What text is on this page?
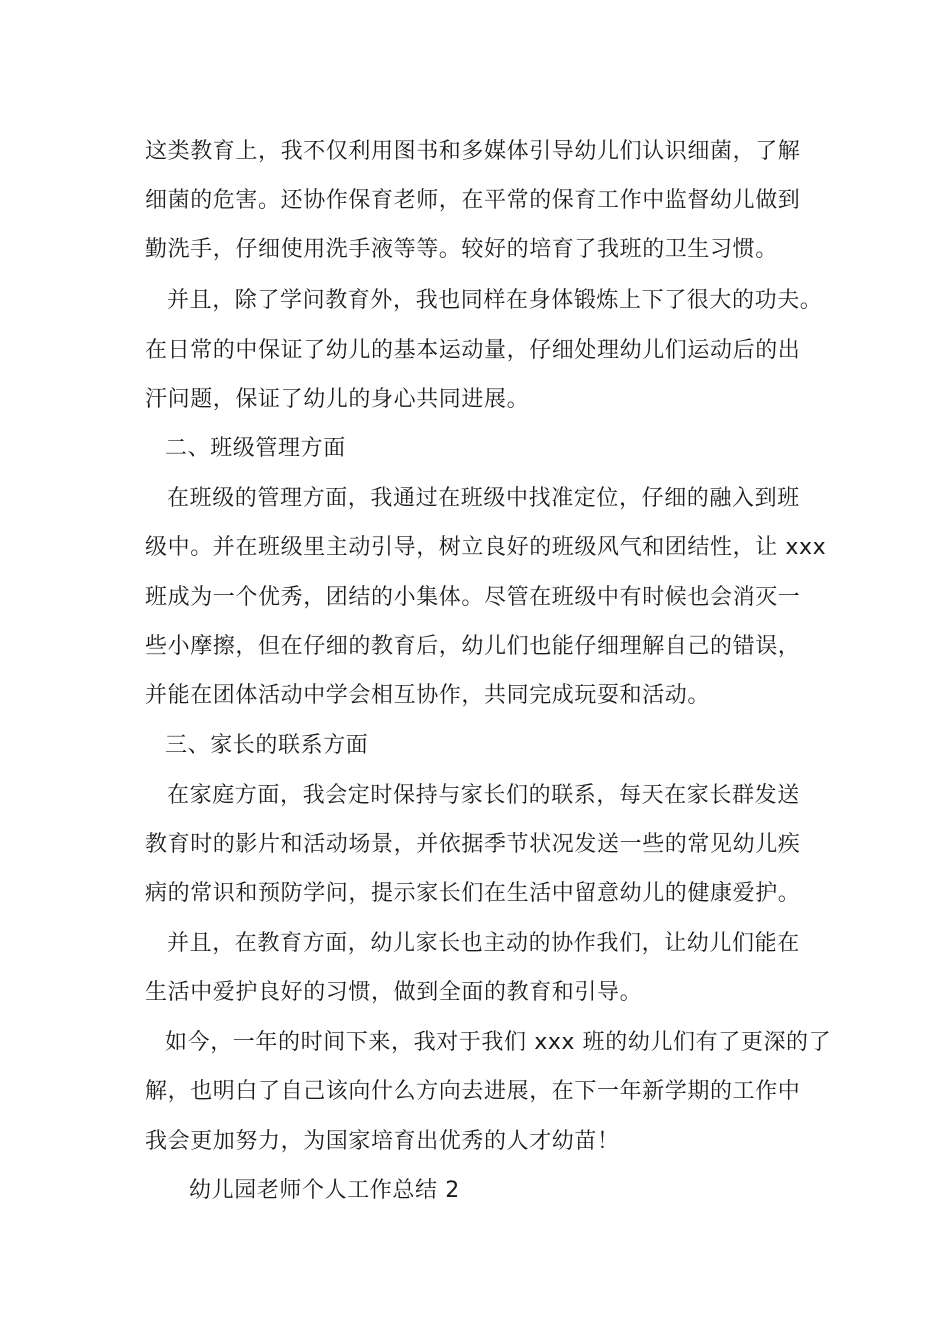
这类教育上，我不仅利用图书和多媒体引导幼儿们认识细菌，了解
细菌的危害。还协作保育老师，在平常的保育工作中监督幼儿做到
勤洗手，仔细使用洗手液等等。较好的培育了我班的卫生习惯。
并且，除了学问教育外，我也同样在身体锻炼上下了很大的功夫。
在日常的中保证了幼儿的基本运动量，仔细处理幼儿们运动后的出
汗问题，保证了幼儿的身心共同进展。
二、班级管理方面
在班级的管理方面，我通过在班级中找准定位，仔细的融入到班
级中。并在班级里主动引导，树立良好的班级风气和团结性，让 xxx
班成为一个优秀，团结的小集体。尽管在班级中有时候也会消灭一
些小摩擦，但在仔细的教育后，幼儿们也能仔细理解自己的错误，
并能在团体活动中学会相互协作，共同完成玩耍和活动。
三、家长的联系方面
在家庭方面，我会定时保持与家长们的联系，每天在家长群发送
教育时的影片和活动场景，并依据季节状况发送一些的常见幼儿疾
病的常识和预防学问，提示家长们在生活中留意幼儿的健康爱护。
并且，在教育方面，幼儿家长也主动的协作我们，让幼儿们能在
生活中爱护良好的习惯，做到全面的教育和引导。
如今，一年的时间下来，我对于我们 xxx 班的幼儿们有了更深的了
解，也明白了自己该向什么方向去进展，在下一年新学期的工作中
我会更加努力，为国家培育出优秀的人才幼苗！
幼儿园老师个人工作总结 2
